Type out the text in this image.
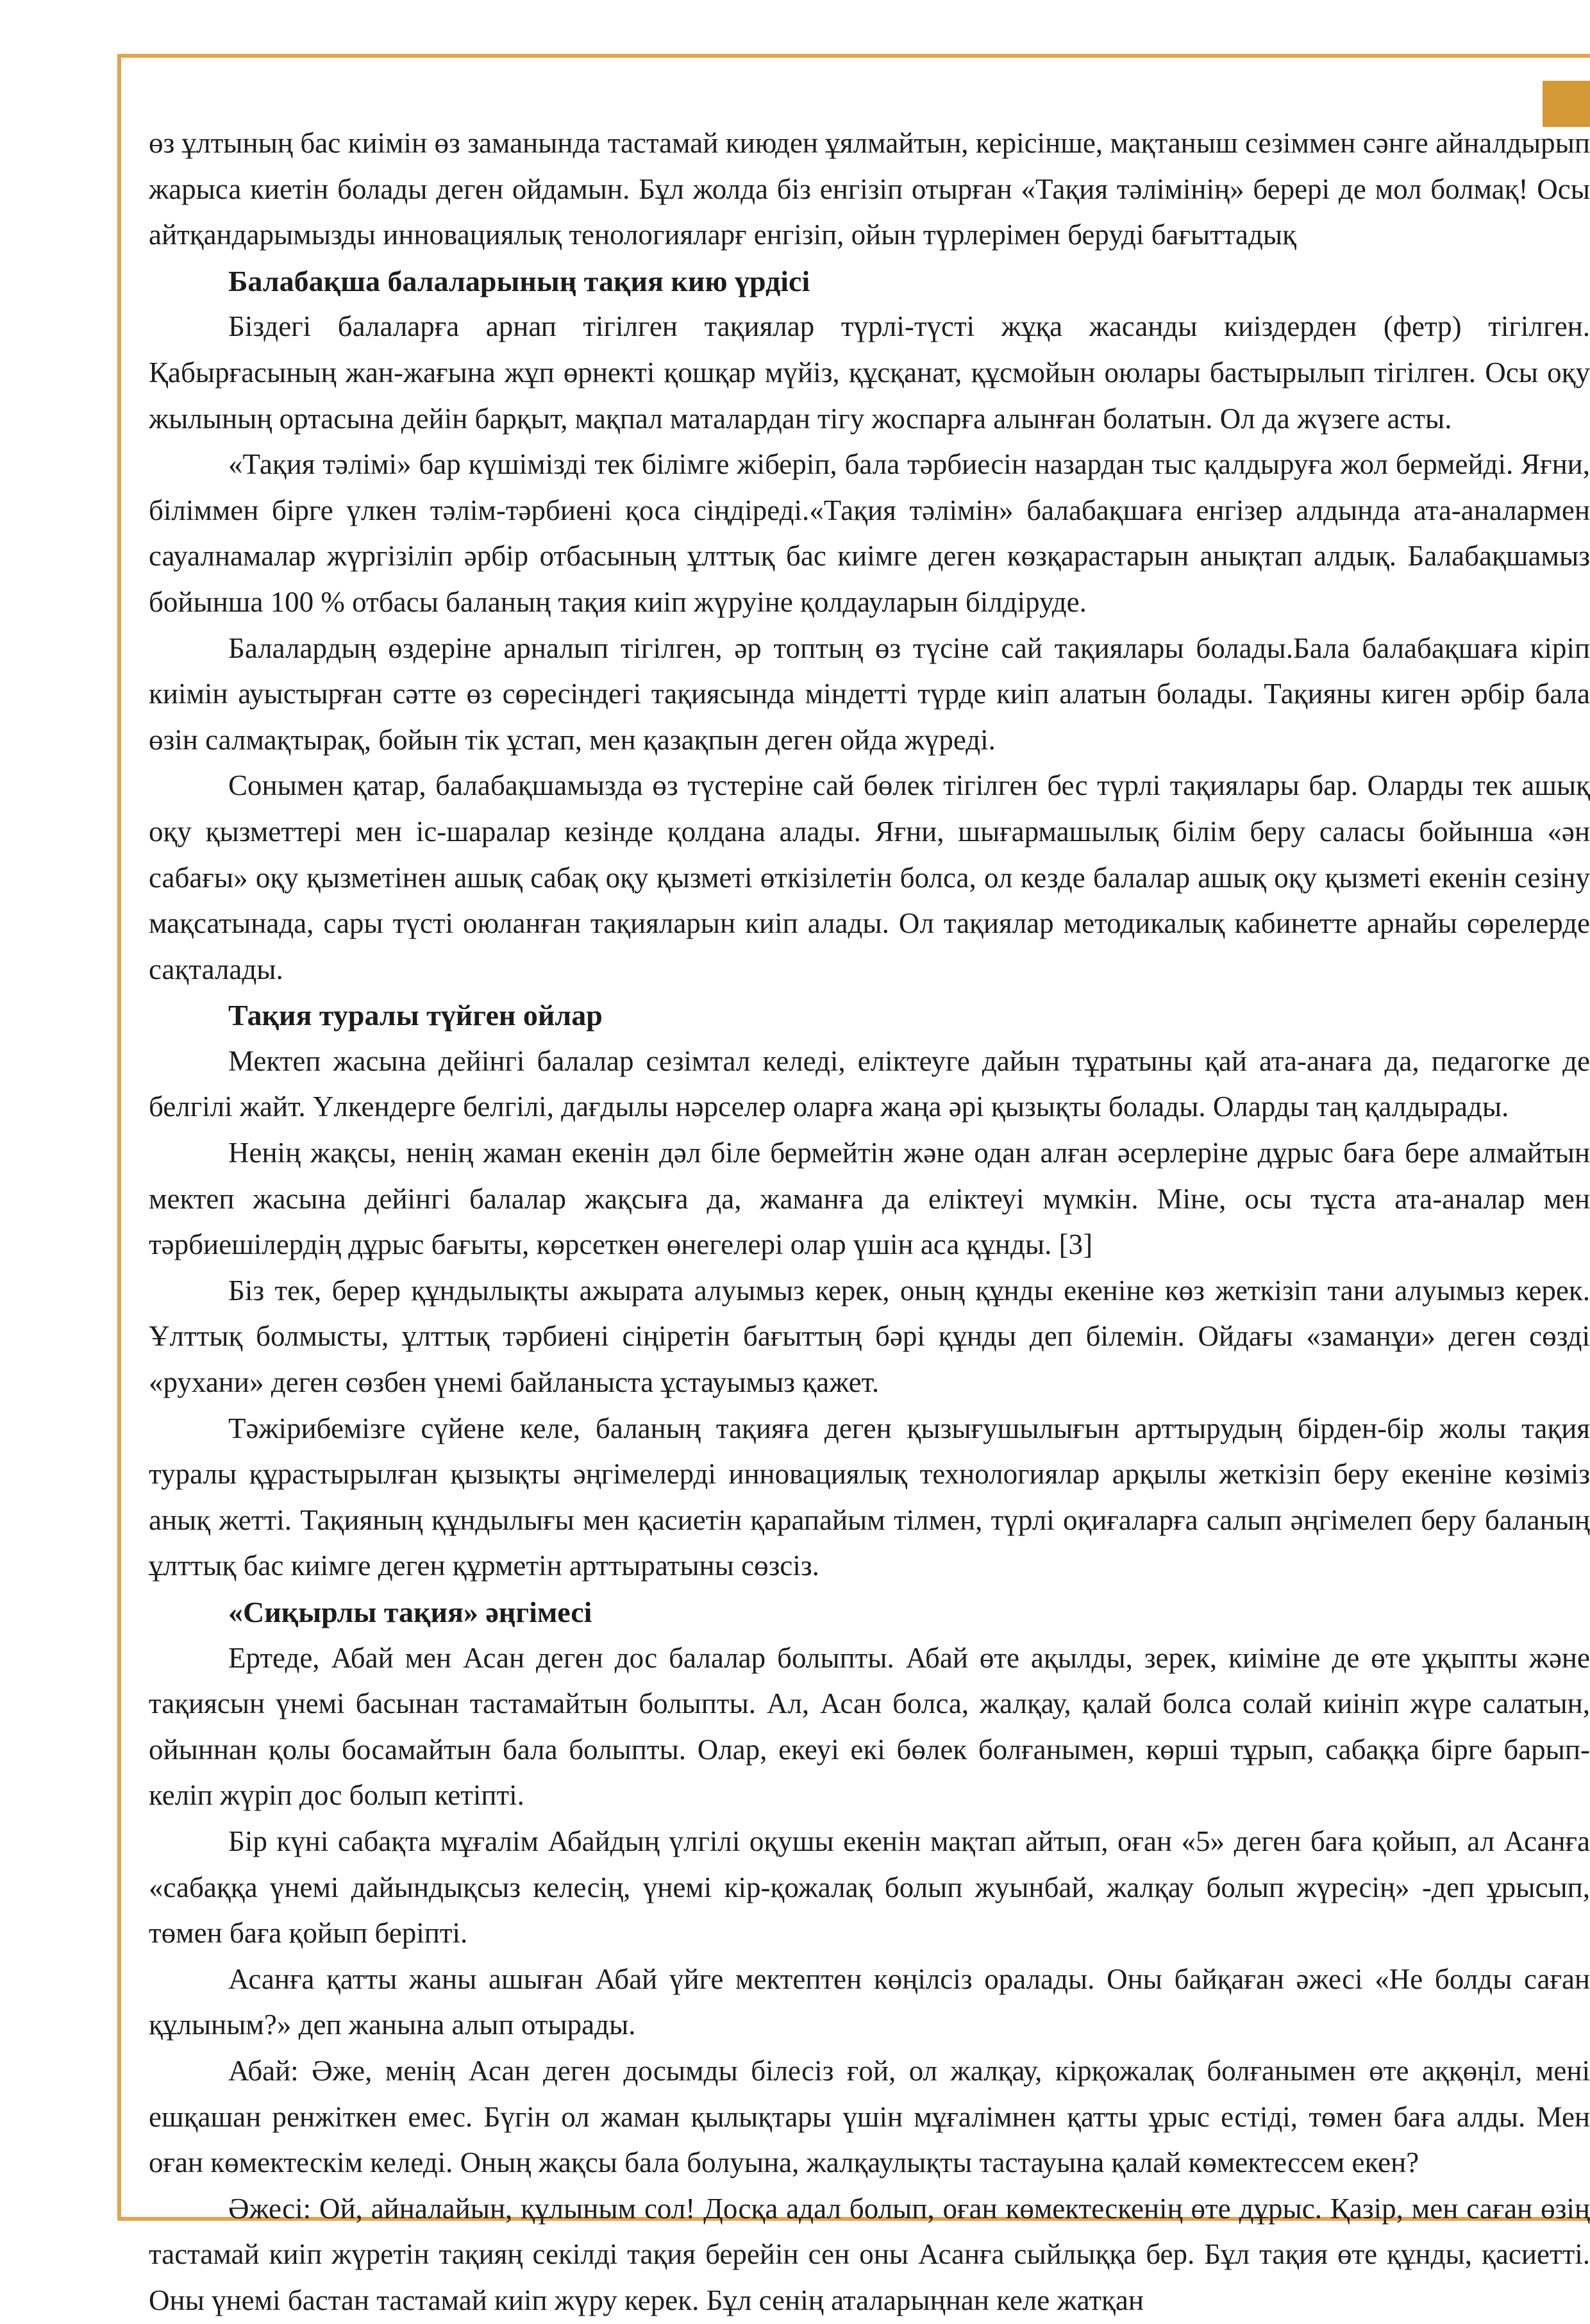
өз ұлтының бас киімін өз заманында тастамай киюден ұялмайтын, керісінше, мақтаныш сезіммен сәнге айналдырып жарыса киетін болады деген ойдамын. Бұл жолда біз енгізіп отырған «Тақия тәлімінің» берері де мол болмақ! Осы айтқандарымызды инновациялық тенологияларғ енгізіп, ойын түрлерімен беруді бағыттадық

Балабақша балаларының тақия кию үрдісі

Біздегі балаларға арнап тігілген тақиялар түрлі-түсті жұқа жасанды киіздерден (фетр) тігілген. Қабырғасының жан-жағына жұп өрнекті қошқар мүйіз, құсқанат, құсмойын оюлары бастырылып тігілген. Осы оқу жылының ортасына дейін барқыт, мақпал маталардан тігу жоспарға алынған болатын. Ол да жүзеге асты.

«Тақия тәлімі» бар күшімізді тек білімге жіберіп, бала тәрбиесін назардан тыс қалдыруға жол бермейді. Яғни, біліммен бірге үлкен тәлім-тәрбиені қоса сіңдіреді.«Тақия тәлімін» балабақшаға енгізер алдында ата-аналармен сауалнамалар жүргізіліп әрбір отбасының ұлттық бас киімге деген көзқарастарын анықтап алдық. Балабақшамыз бойынша 100 % отбасы баланың тақия киіп жүруіне қолдауларын білдіруде.

Балалардың өздеріне арналып тігілген, әр топтың өз түсіне сай тақиялары болады.Бала балабақшаға кіріп киімін ауыстырған сәтте өз сөресіндегі тақиясында міндетті түрде киіп алатын болады. Тақияны киген әрбір бала өзін салмақтырақ, бойын тік ұстап, мен қазақпын деген ойда жүреді.

Сонымен қатар, балабақшамызда өз түстеріне сай бөлек тігілген бес түрлі тақиялары бар. Оларды тек ашық оқу қызметтері мен іс-шаралар кезінде қолдана алады. Яғни, шығармашылық білім беру саласы бойынша «ән сабағы» оқу қызметінен ашық сабақ оқу қызметі өткізілетін болса, ол кезде балалар ашық оқу қызметі екенін сезіну мақсатынада, сары түсті оюланған тақияларын киіп алады. Ол тақиялар методикалық кабинетте арнайы сөрелерде сақталады.

Тақия туралы түйген ойлар

Мектеп жасына дейінгі балалар сезімтал келеді, еліктеуге дайын тұратыны қай ата-анаға да, педагогке де белгілі жайт. Үлкендерге белгілі, дағдылы нәрселер оларға жаңа әрі қызықты болады. Оларды таң қалдырады.

Ненің жақсы, ненің жаман екенін дәл біле бермейтін және одан алған әсерлеріне дұрыс баға бере алмайтын мектеп жасына дейінгі балалар жақсыға да, жаманға да еліктеуі мүмкін. Міне, осы тұста ата-аналар мен тәрбиешілердің дұрыс бағыты, көрсеткен өнегелері олар үшін аса құнды. [3]

Біз тек, берер құндылықты ажырата алуымыз керек, оның құнды екеніне көз жеткізіп тани алуымыз керек. Ұлттық болмысты, ұлттық тәрбиені сіңіретін бағыттың бәрі құнды деп білемін. Ойдағы «заманұи» деген сөзді «рухани» деген сөзбен үнемі байланыста ұстауымыз қажет.

Тәжірибемізге сүйене келе, баланың тақияға деген қызығушылығын арттырудың бірден-бір жолы тақия туралы құрастырылған қызықты әңгімелерді инновациялық технологиялар арқылы жеткізіп беру екеніне көзіміз анық жетті. Тақияның құндылығы мен қасиетін қарапайым тілмен, түрлі оқиғаларға салып әңгімелеп беру баланың ұлттық бас киімге деген құрметін арттыратыны сөзсіз.

«Сиқырлы тақия» әңгімесі

Ертеде, Абай мен Асан деген дос балалар болыпты. Абай өте ақылды, зерек, киіміне де өте ұқыпты және тақиясын үнемі басынан тастамайтын болыпты. Ал, Асан болса, жалқау, қалай болса солай киініп жүре салатын, ойыннан қолы босамайтын бала болыпты. Олар, екеуі екі бөлек болғанымен, көрші тұрып, сабаққа бірге барып-келіп жүріп дос болып кетіпті.

Бір күні сабақта мұғалім Абайдың үлгілі оқушы екенін мақтап айтып, оған «5» деген баға қойып, ал Асанға «сабаққа үнемі дайындықсыз келесің, үнемі кір-қожалақ болып жуынбай, жалқау болып жүресің» -деп ұрысып, төмен баға қойып беріпті.

Асанға қатты жаны ашыған Абай үйге мектептен көңілсіз оралады. Оны байқаған әжесі «Не болды саған құлыным?» деп жанына алып отырады.

Абай: Әже, менің Асан деген досымды білесіз ғой, ол жалқау, кірқожалақ болғанымен өте аққөңіл, мені ешқашан ренжіткен емес. Бүгін ол жаман қылықтары үшін мұғалімнен қатты ұрыс естіді, төмен баға алды. Мен оған көмектескім келеді. Оның жақсы бала болуына, жалқаулықты тастауына қалай көмектессем екен?

Әжесі: Ой, айналайын, құлыным сол! Досқа адал болып, оған көмектескенің өте дұрыс. Қазір, мен саған өзің тастамай киіп жүретін тақияң секілді тақия берейін сен оны Асанға сыйлыққа бер. Бұл тақия өте құнды, қасиетті. Оны үнемі бастан тастамай киіп жүру керек. Бұл сенің аталарыңнан келе жатқан
